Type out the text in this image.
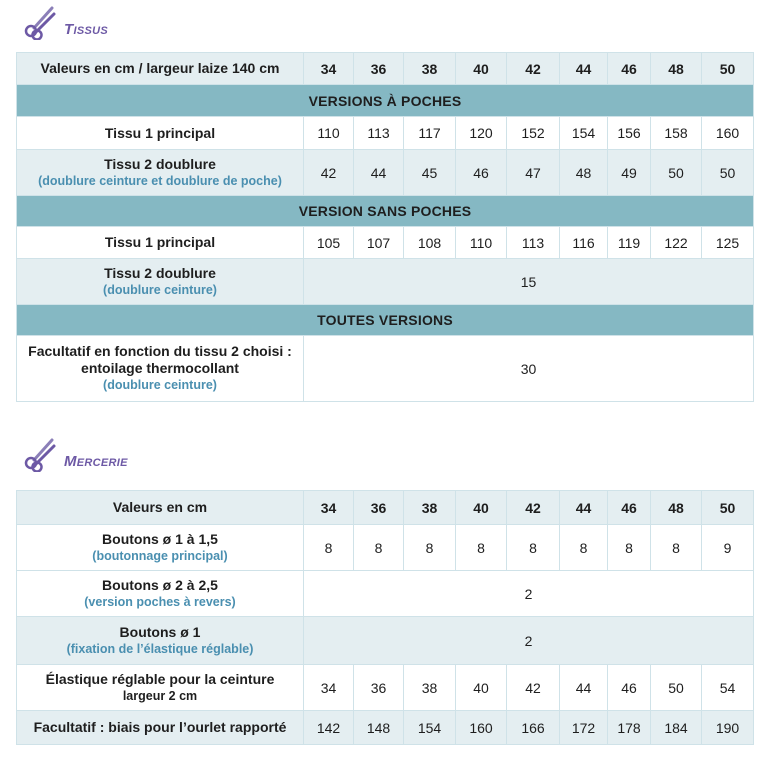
Tissus
Valeurs en cm / largeur laize 140 cm	34	36	38	40	42	44	46	48	50
VERSIONS À POCHES									
Tissu 1 principal	110	113	117	120	152	154	156	158	160
Tissu 2 doublure
(doublure ceinture et doublure de poche)	42	44	45	46	47	48	49	50	50
VERSION SANS POCHES									
Tissu 1 principal	105	107	108	110	113	116	119	122	125
Tissu 2 doublure
(doublure ceinture)	15								
TOUTES VERSIONS									

Facultatif en fonction du tissu 2 choisi :
entoilage thermocollant
(doublure ceinture)	30								
Mercerie
Valeurs en cm	34	36	38	40	42	44	46	48	50
Boutons ø 1 à 1,5
(boutonnage principal)	8	8	8	8	8	8	8	8	9
Boutons ø 2 à 2,5
(version poches à revers)	2								
Boutons ø 1
(fixation de l’élastique réglable)	2								

Élastique réglable pour la ceinture
largeur 2 cm	34	36	38	40	42	44	46	50	54
Facultatif : biais pour l’ourlet rapporté	142	148	154	160	166	172	178	184	190
